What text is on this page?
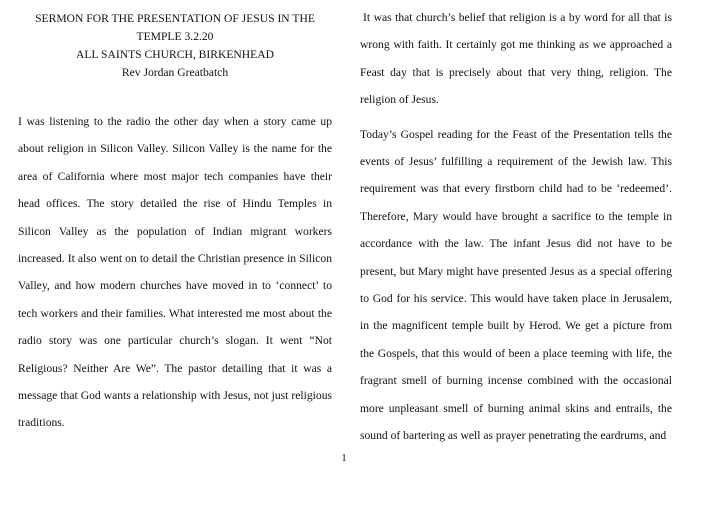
SERMON FOR THE PRESENTATION OF JESUS IN THE
TEMPLE 3.2.20
ALL SAINTS CHURCH, BIRKENHEAD
Rev Jordan Greatbatch

I was listening to the radio the other day when a story came up about religion in Silicon Valley. Silicon Valley is the name for the area of California where most major tech companies have their head offices. The story detailed the rise of Hindu Temples in Silicon Valley as the population of Indian migrant workers increased. It also went on to detail the Christian presence in Silicon Valley, and how modern churches have moved in to ‘connect’ to tech workers and their families. What interested me most about the radio story was one particular church’s slogan. It went “Not Religious? Neither Are We”. The pastor detailing that it was a message that God wants a relationship with Jesus, not just religious traditions.

It was that church’s belief that religion is a by word for all that is wrong with faith. It certainly got me thinking as we approached a Feast day that is precisely about that very thing, religion. The religion of Jesus.

Today’s Gospel reading for the Feast of the Presentation tells the events of Jesus’ fulfilling a requirement of the Jewish law. This requirement was that every firstborn child had to be ‘redeemed’. Therefore, Mary would have brought a sacrifice to the temple in accordance with the law. The infant Jesus did not have to be present, but Mary might have presented Jesus as a special offering to God for his service. This would have taken place in Jerusalem, in the magnificent temple built by Herod. We get a picture from the Gospels, that this would of been a place teeming with life, the fragrant smell of burning incense combined with the occasional more unpleasant smell of burning animal skins and entrails, the sound of bartering as well as prayer penetrating the eardrums, and

1
